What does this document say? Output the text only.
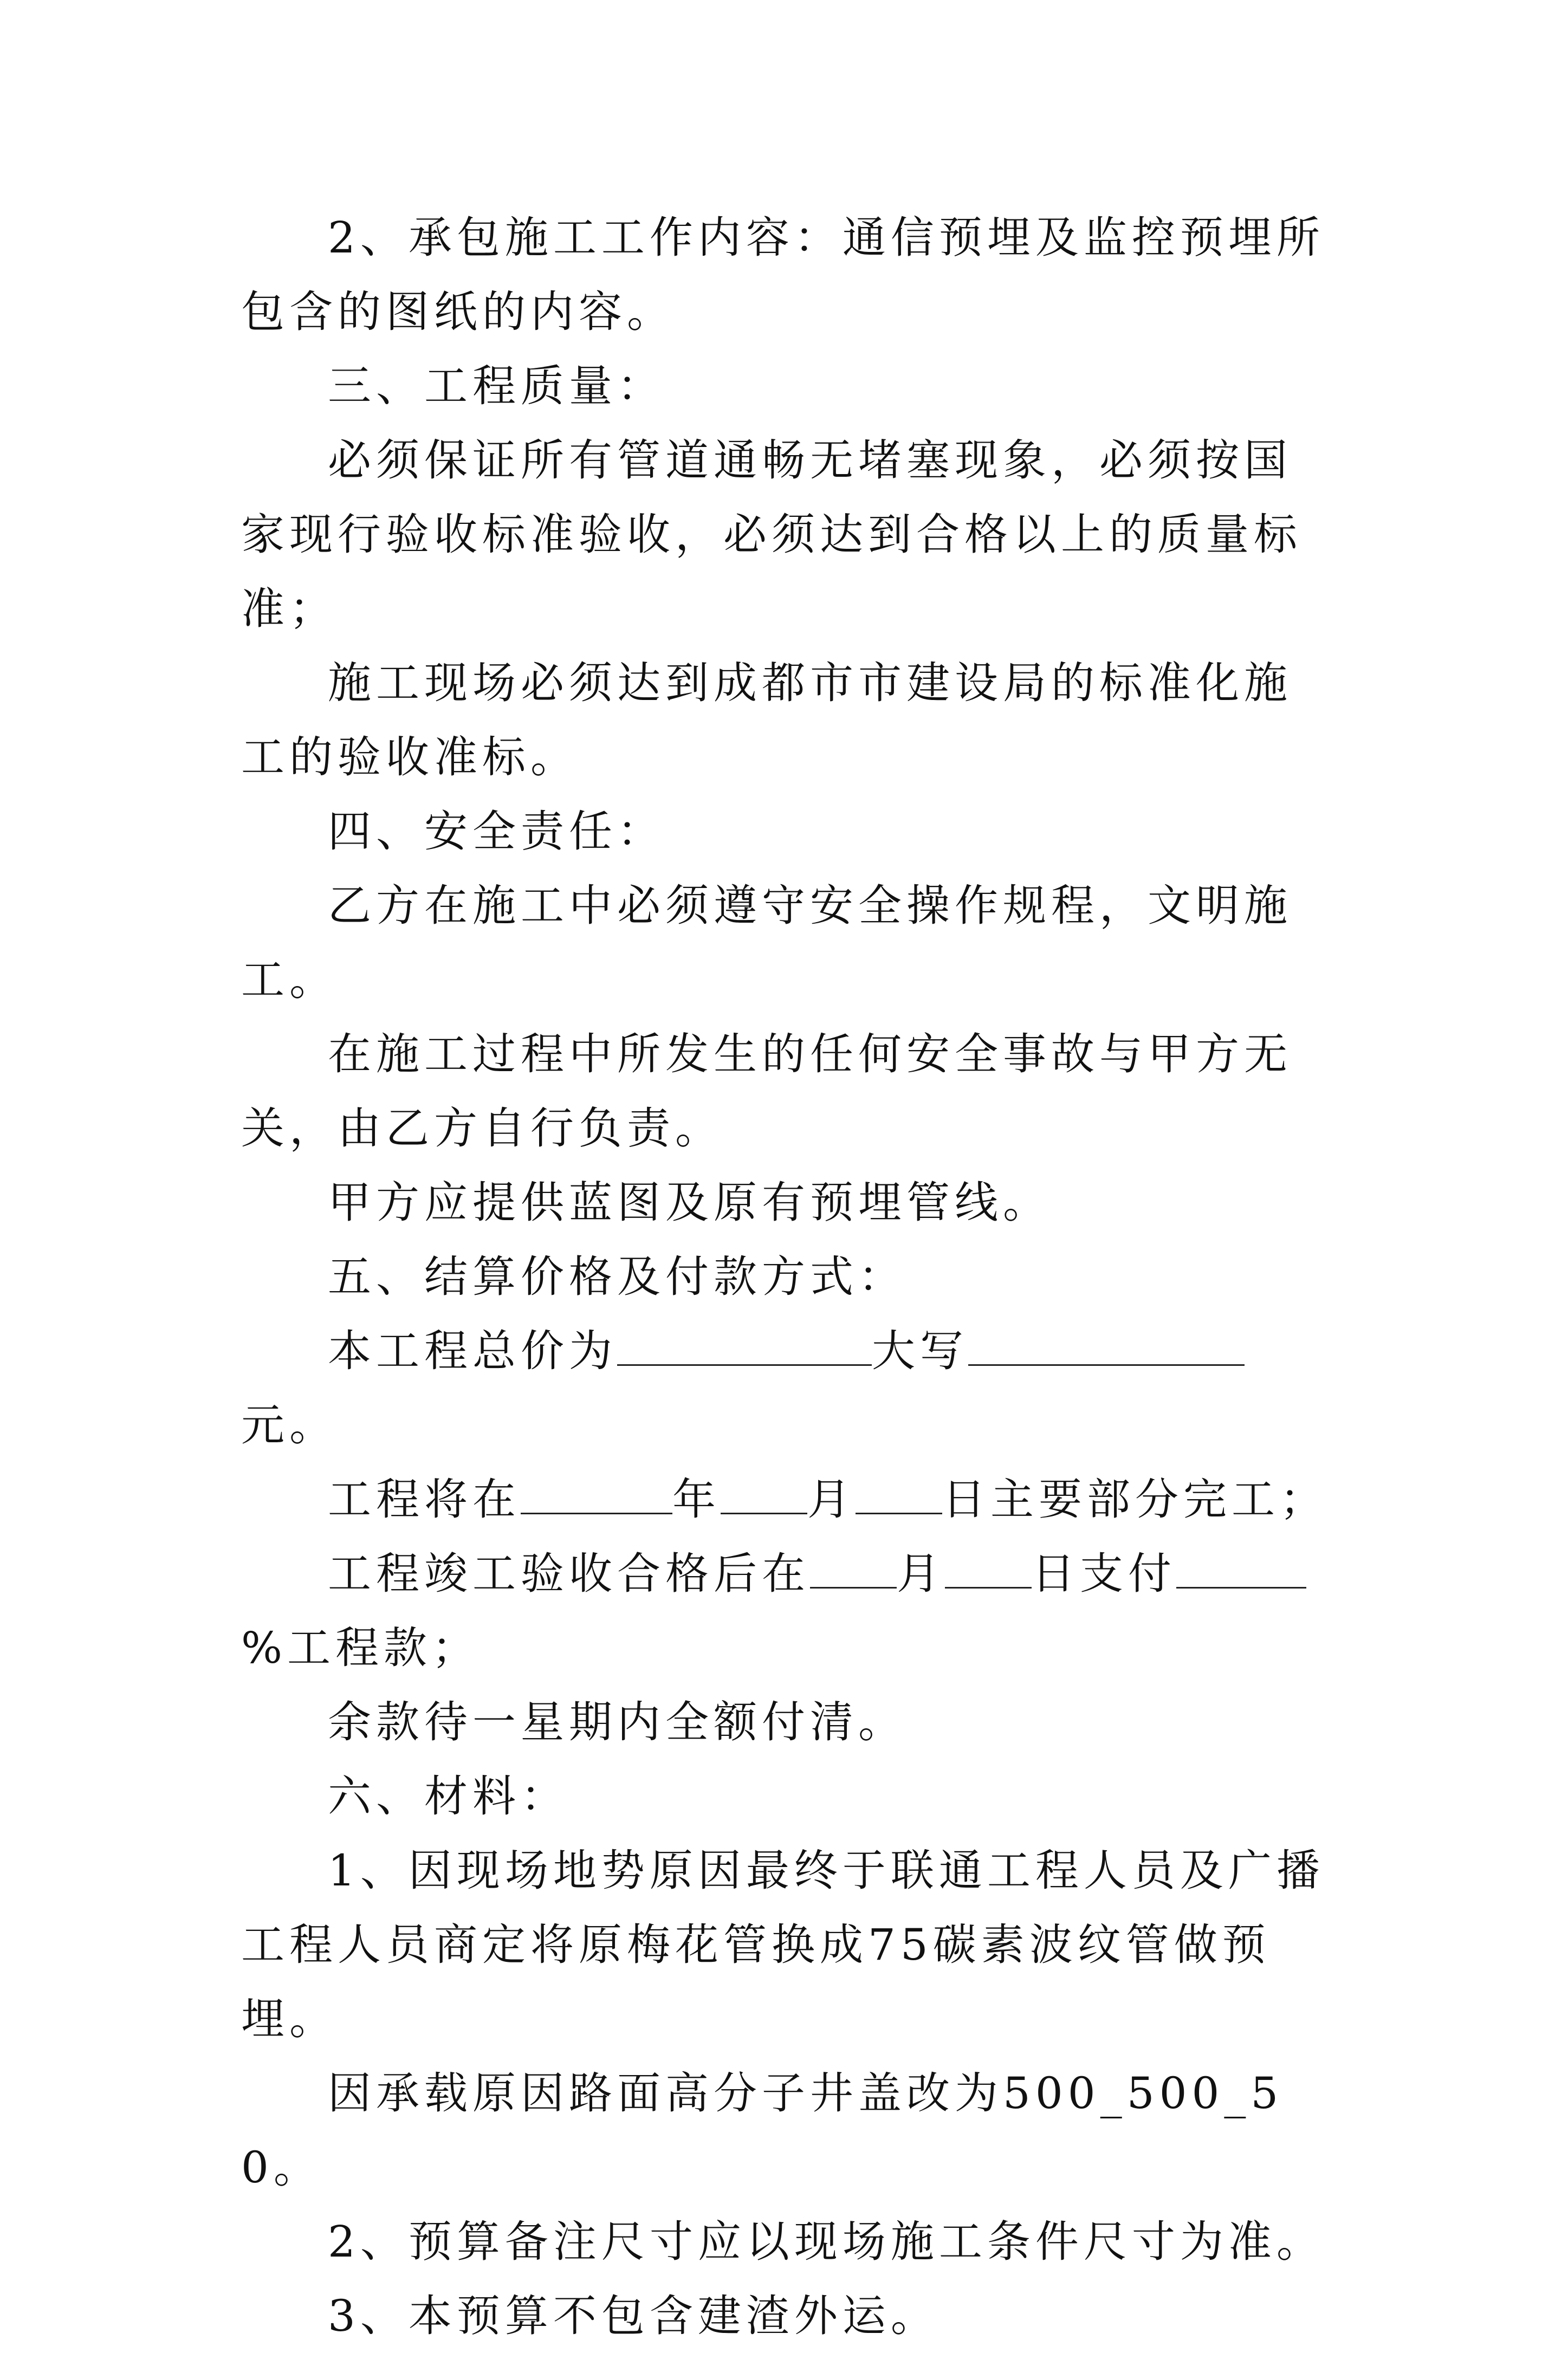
2、承包施工工作内容：通信预埋及监控预埋所包含的图纸的内容。

三、工程质量：

必须保证所有管道通畅无堵塞现象，必须按国家现行验收标准验收，必须达到合格以上的质量标准；

施工现场必须达到成都市市建设局的标准化施工的验收准标。

四、安全责任：

乙方在施工中必须遵守安全操作规程，文明施工。

在施工过程中所发生的任何安全事故与甲方无关，由乙方自行负责。

甲方应提供蓝图及原有预埋管线。

五、结算价格及付款方式：

本工程总价为	大写元。

工程将在	年 月 日主要部分完工；

工程竣工验收合格后在 月 日支付%工程款；

余款待一星期内全额付清。

六、材料：

1、因现场地势原因最终于联通工程人员及广播工程人员商定将原梅花管换成75碳素波纹管做预埋。

因承载原因路面高分子井盖改为500_500_50。

2、预算备注尺寸应以现场施工条件尺寸为准。

3、本预算不包含建渣外运。
